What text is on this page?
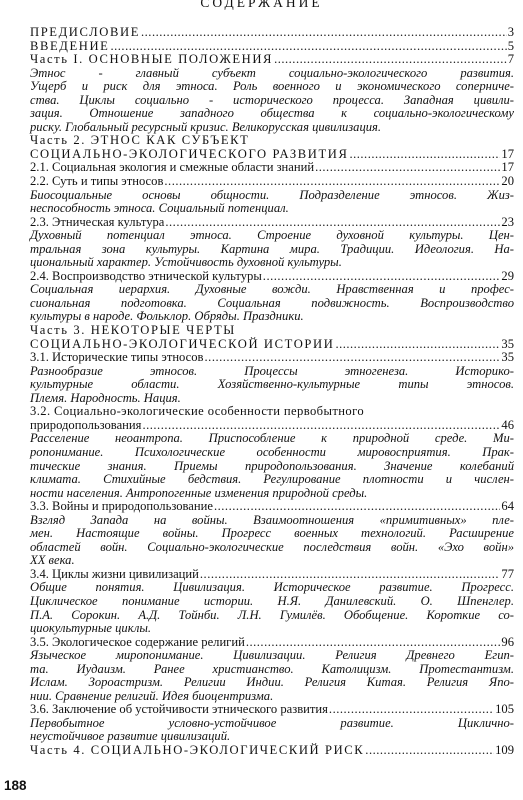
СОДЕРЖАНИЕ
ПРЕДИСЛОВИЕ .....	3
ВВЕДЕНИЕ .....	5
Часть I. ОСНОВНЫЕ ПОЛОЖЕНИЯ .....	7
Этнос - главный субъект социально-экологического развития.
Ущерб и риск для этноса. Роль военного и экономического соперниче-
ства. Циклы социально - исторического процесса. Западная цивили-
зация. Отношение западного общества к социально-экологическому
риску. Глобальный ресурсный кризис. Великорусская цивилизация.
Часть 2. ЭТНОС КАК СУБЪЕКТ
СОЦИАЛЬНО-ЭКОЛОГИЧЕСКОГО РАЗВИТИЯ .....	17
2.1. Социальная экология и смежные области знаний .....	17
2.2. Суть и типы этносов .....	20
Биосоциальные основы общности. Подразделение этносов. Жиз-
неспособность этноса. Социальный потенциал.
2.3. Этническая культура .....	23
Духовный потенциал этноса. Строение духовной культуры. Цен-
тральная зона культуры. Картина мира. Традиции. Идеология. На-
циональный характер. Устойчивость духовной культуры.
2.4. Воспроизводство этнической культуры .....	29
Социальная иерархия. Духовные вожди. Нравственная и профес-
сиональная подготовка. Социальная подвижность. Воспроизводство
культуры в народе. Фольклор. Обряды. Праздники.
Часть 3. НЕКОТОРЫЕ ЧЕРТЫ
СОЦИАЛЬНО-ЭКОЛОГИЧЕСКОЙ ИСТОРИИ .....	35
3.1. Исторические типы этносов .....	35
Разнообразие этносов. Процессы этногенеза. Историко-
культурные области. Хозяйственно-культурные типы этносов.
Племя. Народность. Нация.
3.2. Социально-экологические особенности первобытного
природопользования .....	46
Расселение неоантропа. Приспособление к природной среде. Ми-
ропонимание. Психологические особенности мировосприятия. Прак-
тические знания. Приемы природопользования. Значение колебаний
климата. Стихийные бедствия. Регулирование плотности и числен-
ности населения. Антропогенные изменения природной среды.
3.3. Войны и природопользование .....	64
Взгляд Запада на войны. Взаимоотношения «примитивных» пле-
мен. Настоящие войны. Прогресс военных технологий. Расширение
областей войн. Социально-экологические последствия войн. «Эхо войн»
XX века.
3.4. Циклы жизни цивилизаций .....	77
Общие понятия. Цивилизация. Историческое развитие. Прогресс.
Циклическое понимание истории. Н.Я. Данилевский. О. Шпенглер.
П.А. Сорокин. А.Д. Тойнби. Л.Н. Гумилёв. Обобщение. Короткие со-
циокультурные циклы.
3.5. Экологическое содержание религий .....	96
Языческое миропонимание. Цивилизации. Религия Древнего Егип-
та. Иудаизм. Ранее христианство. Католицизм. Протестантизм.
Ислам. Зороастризм. Религии Индии. Религия Китая. Религия Япо-
нии. Сравнение религий. Идея биоцентризма.
3.6. Заключение об устойчивости этнического развития .....	105
Первобытное условно-устойчивое развитие. Циклично-
неустойчивое развитие цивилизаций.
Часть 4. СОЦИАЛЬНО-ЭКОЛОГИЧЕСКИЙ РИСК .....	109
188
